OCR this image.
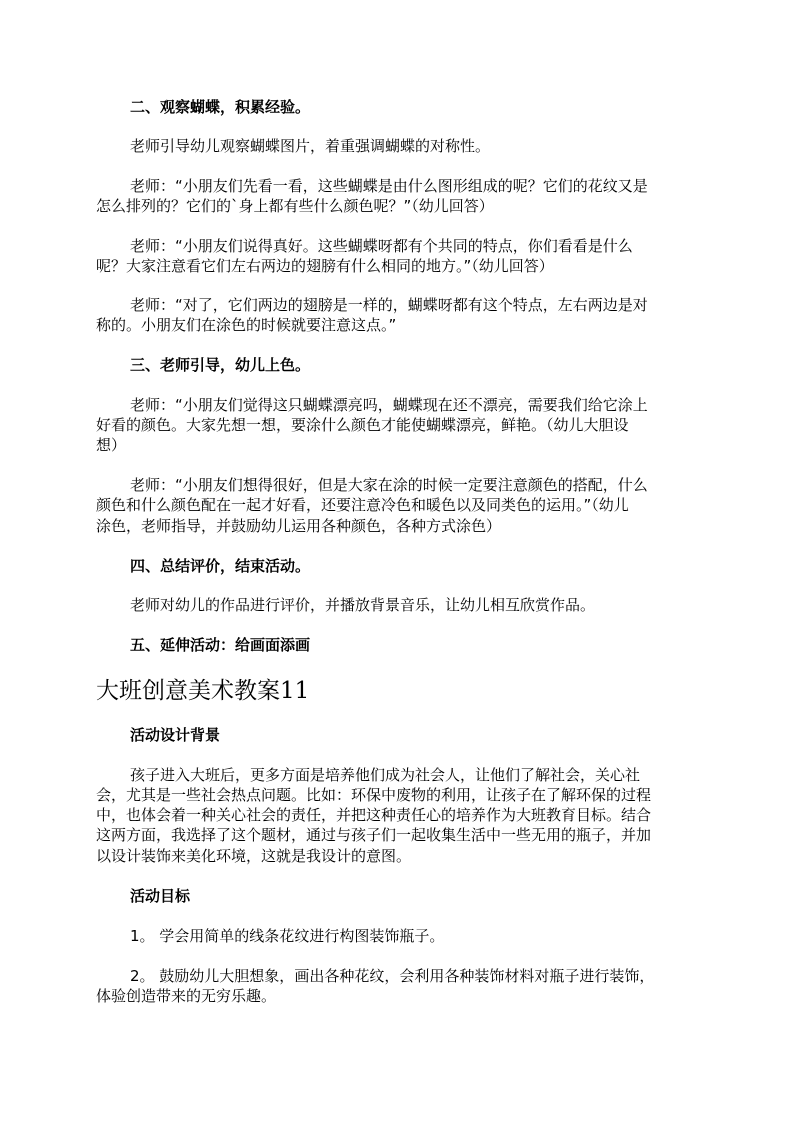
二、观察蝴蝶，积累经验。
老师引导幼儿观察蝴蝶图片，着重强调蝴蝶的对称性。
老师：“小朋友们先看一看，这些蝴蝶是由什么图形组成的呢？它们的花纹又是
怎么排列的？它们的`身上都有些什么颜色呢？”（幼儿回答）
老师：“小朋友们说得真好。这些蝴蝶呀都有个共同的特点，你们看看是什么
呢？大家注意看它们左右两边的翅膀有什么相同的地方。”（幼儿回答）
老师：“对了，它们两边的翅膀是一样的，蝴蝶呀都有这个特点，左右两边是对
称的。小朋友们在涂色的时候就要注意这点。”
三、老师引导，幼儿上色。
老师：“小朋友们觉得这只蝴蝶漂亮吗，蝴蝶现在还不漂亮，需要我们给它涂上
好看的颜色。大家先想一想，要涂什么颜色才能使蝴蝶漂亮，鲜艳。（幼儿大胆设
想）
老师：“小朋友们想得很好，但是大家在涂的时候一定要注意颜色的搭配，什么
颜色和什么颜色配在一起才好看，还要注意冷色和暖色以及同类色的运用。”（幼儿
涂色，老师指导，并鼓励幼儿运用各种颜色，各种方式涂色）
四、总结评价，结束活动。
老师对幼儿的作品进行评价，并播放背景音乐，让幼儿相互欣赏作品。
五、延伸活动：给画面添画
大班创意美术教案11
活动设计背景
孩子进入大班后，更多方面是培养他们成为社会人，让他们了解社会，关心社
会，尤其是一些社会热点问题。比如：环保中废物的利用，让孩子在了解环保的过程
中，也体会着一种关心社会的责任，并把这种责任心的培养作为大班教育目标。结合
这两方面，我选择了这个题材，通过与孩子们一起收集生活中一些无用的瓶子，并加
以设计装饰来美化环境，这就是我设计的意图。
活动目标
1。 学会用简单的线条花纹进行构图装饰瓶子。
2。 鼓励幼儿大胆想象，画出各种花纹，会利用各种装饰材料对瓶子进行装饰，
体验创造带来的无穷乐趣。
